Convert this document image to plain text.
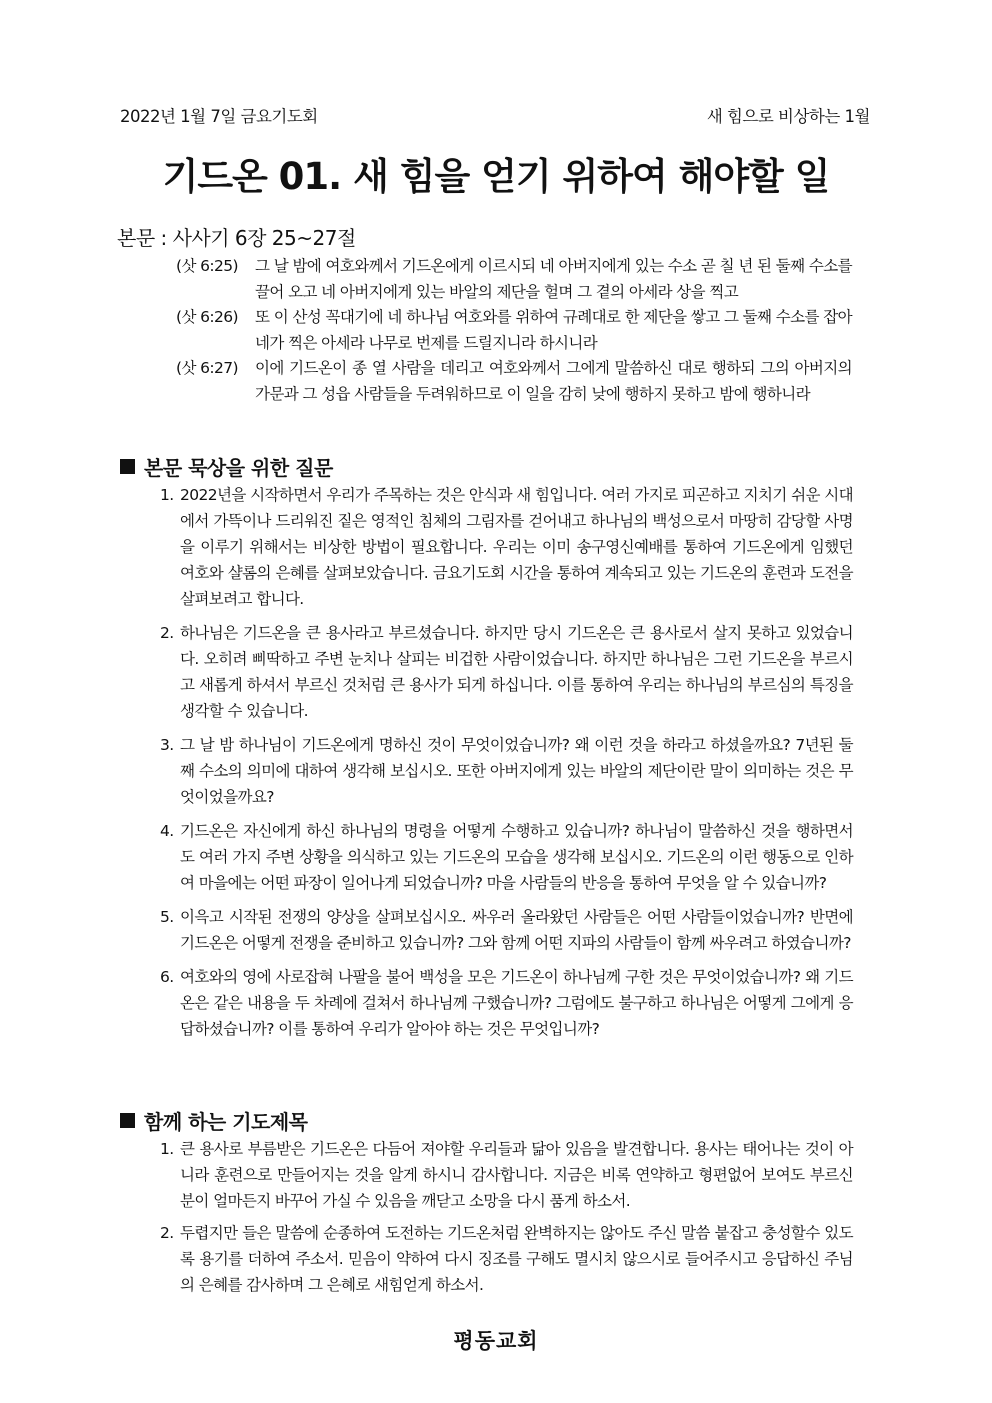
2022년 1월 7일 금요기도회	새 힘으로 비상하는 1월
기드온 01. 새 힘을 얻기 위하여 해야할 일
본문 : 사사기 6장 25~27절
(삿 6:25)	그 날 밤에 여호와께서 기드온에게 이르시되 네 아버지에게 있는 수소 곧 칠 년 된 둘째 수소를 끌어 오고 네 아버지에게 있는 바알의 제단을 헐며 그 곁의 아세라 상을 찍고
(삿 6:26)	또 이 산성 꼭대기에 네 하나님 여호와를 위하여 규례대로 한 제단을 쌓고 그 둘째 수소를 잡아 네가 찍은 아세라 나무로 번제를 드릴지니라 하시니라
(삿 6:27)	이에 기드온이 종 열 사람을 데리고 여호와께서 그에게 말씀하신 대로 행하되 그의 아버지의 가문과 그 성읍 사람들을 두려워하므로 이 일을 감히 낮에 행하지 못하고 밤에 행하니라
본문 묵상을 위한 질문
1. 2022년을 시작하면서 우리가 주목하는 것은 안식과 새 힘입니다. 여러 가지로 피곤하고 지치기 쉬운 시대에서 가뜩이나 드리워진 짙은 영적인 침체의 그림자를 걷어내고 하나님의 백성으로서 마땅히 감당할 사명을 이루기 위해서는 비상한 방법이 필요합니다. 우리는 이미 송구영신예배를 통하여 기드온에게 임했던 여호와 샬롬의 은혜를 살펴보았습니다. 금요기도회 시간을 통하여 계속되고 있는 기드온의 훈련과 도전을 살펴보려고 합니다.
2. 하나님은 기드온을 큰 용사라고 부르셨습니다. 하지만 당시 기드온은 큰 용사로서 살지 못하고 있었습니다. 오히려 삐딱하고 주변 눈치나 살피는 비겁한 사람이었습니다. 하지만 하나님은 그런 기드온을 부르시고 새롭게 하셔서 부르신 것처럼 큰 용사가 되게 하십니다. 이를 통하여 우리는 하나님의 부르심의 특징을 생각할 수 있습니다.
3. 그 날 밤 하나님이 기드온에게 명하신 것이 무엇이었습니까? 왜 이런 것을 하라고 하셨을까요? 7년된 둘째 수소의 의미에 대하여 생각해 보십시오. 또한 아버지에게 있는 바알의 제단이란 말이 의미하는 것은 무엇이었을까요?
4. 기드온은 자신에게 하신 하나님의 명령을 어떻게 수행하고 있습니까? 하나님이 말씀하신 것을 행하면서도 여러 가지 주변 상황을 의식하고 있는 기드온의 모습을 생각해 보십시오. 기드온의 이런 행동으로 인하여 마을에는 어떤 파장이 일어나게 되었습니까? 마을 사람들의 반응을 통하여 무엇을 알 수 있습니까?
5. 이윽고 시작된 전쟁의 양상을 살펴보십시오. 싸우러 올라왔던 사람들은 어떤 사람들이었습니까? 반면에 기드온은 어떻게 전쟁을 준비하고 있습니까? 그와 함께 어떤 지파의 사람들이 함께 싸우려고 하였습니까?
6. 여호와의 영에 사로잡혀 나팔을 불어 백성을 모은 기드온이 하나님께 구한 것은 무엇이었습니까? 왜 기드온은 같은 내용을 두 차례에 걸쳐서 하나님께 구했습니까? 그럼에도 불구하고 하나님은 어떻게 그에게 응답하셨습니까? 이를 통하여 우리가 알아야 하는 것은 무엇입니까?
함께 하는 기도제목
1. 큰 용사로 부름받은 기드온은 다듬어 져야할 우리들과 닮아 있음을 발견합니다. 용사는 태어나는 것이 아니라 훈련으로 만들어지는 것을 알게 하시니 감사합니다. 지금은 비록 연약하고 형편없어 보여도 부르신 분이 얼마든지 바꾸어 가실 수 있음을 깨닫고 소망을 다시 품게 하소서.
2. 두렵지만 들은 말씀에 순종하여 도전하는 기드온처럼 완벽하지는 않아도 주신 말씀 붙잡고 충성할수 있도록 용기를 더하여 주소서. 믿음이 약하여 다시 징조를 구해도 멸시치 않으시로 들어주시고 응답하신 주님의 은혜를 감사하며 그 은혜로 새힘얻게 하소서.
평동교회
